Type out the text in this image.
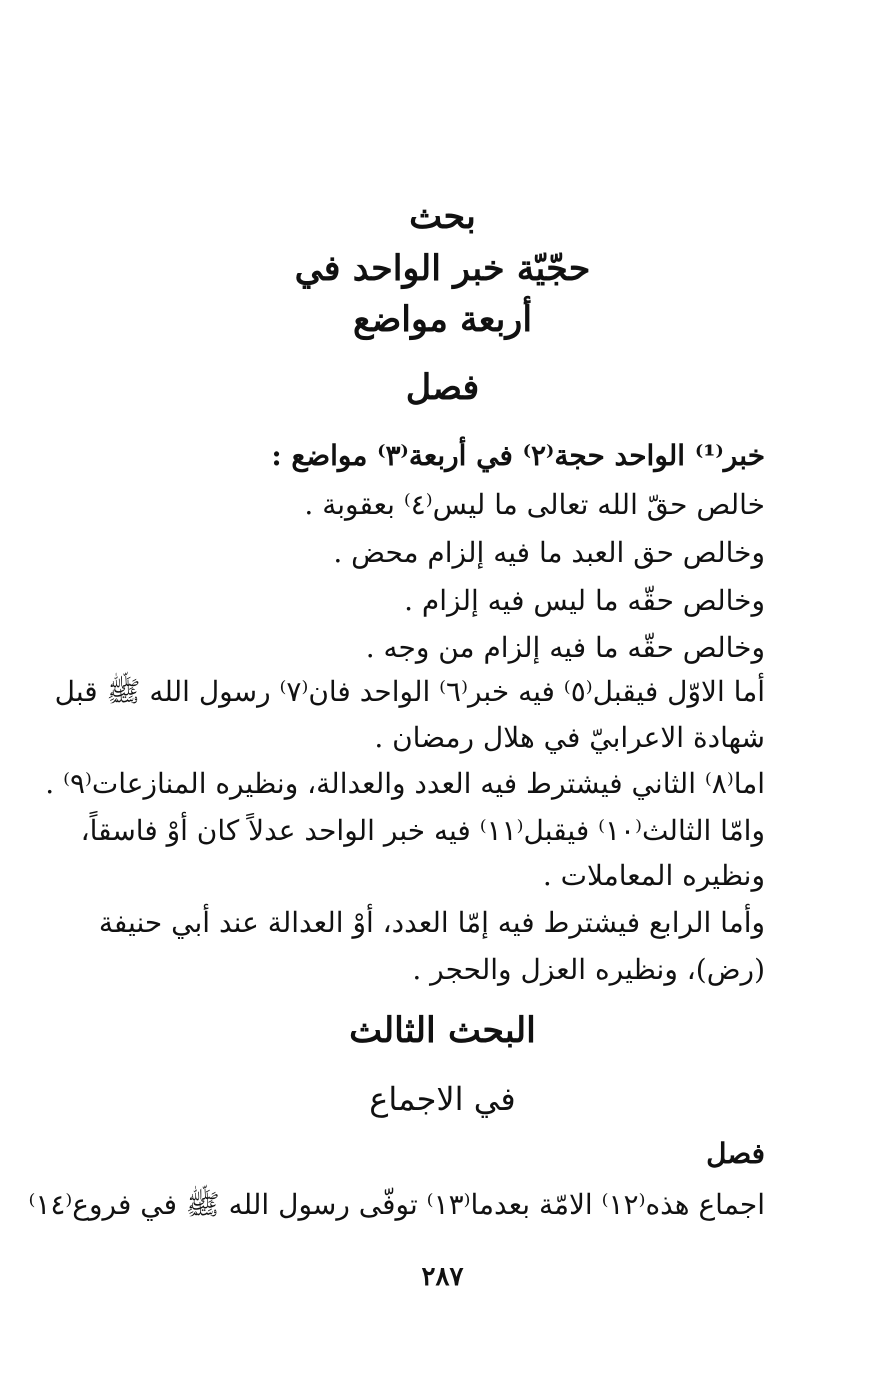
بحث
حجّيّة خبر الواحد في
أربعة مواضع
فصل
خبر⁽¹⁾ الواحد حجة⁽٢⁾ في أربعة⁽٣⁾ مواضع :
خالص حقّ الله تعالى ما ليس⁽٤⁾ بعقوبة .
وخالص حق العبد ما فيه إلزام محض .
وخالص حقّه ما ليس فيه إلزام .
وخالص حقّه ما فيه إلزام من وجه .
أما الاوّل فيقبل⁽٥⁾ فيه خبر⁽٦⁾ الواحد فان⁽٧⁾ رسول الله ﷺ قبل
شهادة الاعرابيّ في هلال رمضان .
اما⁽٨⁾ الثاني فيشترط فيه العدد والعدالة، ونظيره المنازعات⁽٩⁾ .
وامّا الثالث⁽١٠⁾ فيقبل⁽١١⁾ فيه خبر الواحد عدلاً كان أوْ فاسقاً،
ونظيره المعاملات .
وأما الرابع فيشترط فيه إمّا العدد، أوْ العدالة عند أبي حنيفة
(رض)، ونظيره العزل والحجر .
البحث الثالث
في الاجماع
فصل
اجماع هذه⁽١٢⁾ الامّة بعدما⁽١٣⁾ توفّى رسول الله ﷺ في فروع⁽١٤⁾
٢٨٧
